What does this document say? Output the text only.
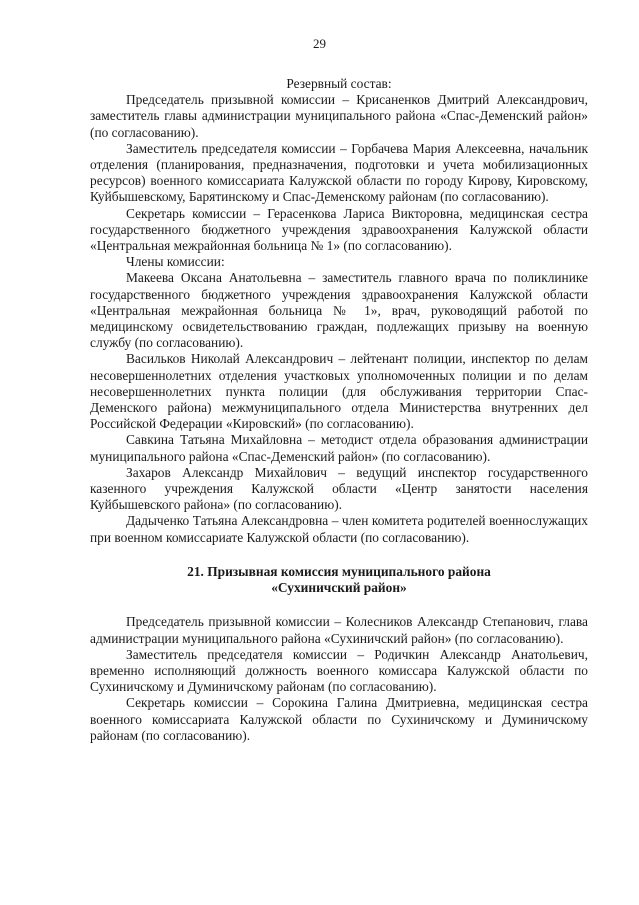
29

Резервный состав:

Председатель призывной комиссии – Крисаненков Дмитрий Александрович, заместитель главы администрации муниципального района «Спас-Деменский район» (по согласованию).

Заместитель председателя комиссии – Горбачева Мария Алексеевна, начальник отделения (планирования, предназначения, подготовки и учета мобилизационных ресурсов) военного комиссариата Калужской области по городу Кирову, Кировскому, Куйбышевскому, Барятинскому и Спас-Деменскому районам (по согласованию).

Секретарь комиссии – Герасенкова Лариса Викторовна, медицинская сестра государственного бюджетного учреждения здравоохранения Калужской области «Центральная межрайонная больница № 1» (по согласованию).

Члены комиссии:

Макеева Оксана Анатольевна – заместитель главного врача по поликлинике государственного бюджетного учреждения здравоохранения Калужской области «Центральная межрайонная больница № 1», врач, руководящий работой по медицинскому освидетельствованию граждан, подлежащих призыву на военную службу (по согласованию).

Васильков Николай Александрович – лейтенант полиции, инспектор по делам несовершеннолетних отделения участковых уполномоченных полиции и по делам несовершеннолетних пункта полиции (для обслуживания территории Спас-Деменского района) межмуниципального отдела Министерства внутренних дел Российской Федерации «Кировский» (по согласованию).

Савкина Татьяна Михайловна – методист отдела образования администрации муниципального района «Спас-Деменский район» (по согласованию).

Захаров Александр Михайлович – ведущий инспектор государственного казенного учреждения Калужской области «Центр занятости населения Куйбышевского района» (по согласованию).

Дадыченко Татьяна Александровна – член комитета родителей военнослужащих при военном комиссариате Калужской области (по согласованию).

21. Призывная комиссия муниципального района

«Сухиничский район»

Председатель призывной комиссии – Колесников Александр Степанович, глава администрации муниципального района «Сухиничский район» (по согласованию).

Заместитель председателя комиссии – Родичкин Александр Анатольевич, временно исполняющий должность военного комиссара Калужской области по Сухиничскому и Думиничскому районам (по согласованию).

Секретарь комиссии – Сорокина Галина Дмитриевна, медицинская сестра военного комиссариата Калужской области по Сухиничскому и Думиничскому районам (по согласованию).
